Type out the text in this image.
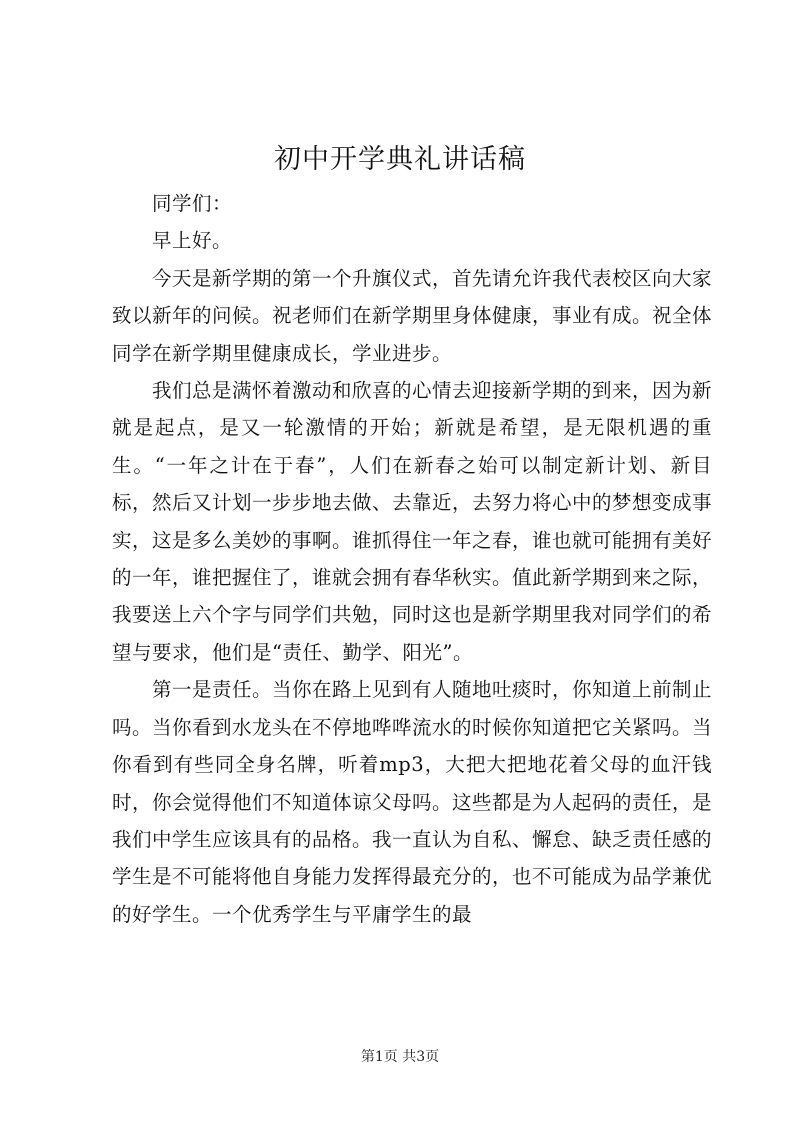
初中开学典礼讲话稿

同学们：

早上好。

今天是新学期的第一个升旗仪式，首先请允许我代表校区向大家致以新年的问候。祝老师们在新学期里身体健康，事业有成。祝全体同学在新学期里健康成长，学业进步。

我们总是满怀着激动和欣喜的心情去迎接新学期的到来，因为新就是起点，是又一轮激情的开始；新就是希望，是无限机遇的重生。“一年之计在于春”，人们在新春之始可以制定新计划、新目标，然后又计划一步步地去做、去靠近，去努力将心中的梦想变成事实，这是多么美妙的事啊。谁抓得住一年之春，谁也就可能拥有美好的一年，谁把握住了，谁就会拥有春华秋实。值此新学期到来之际，我要送上六个字与同学们共勉，同时这也是新学期里我对同学们的希望与要求，他们是“责任、勤学、阳光”。

第一是责任。当你在路上见到有人随地吐痰时，你知道上前制止吗。当你看到水龙头在不停地哗哗流水的时候你知道把它关紧吗。当你看到有些同全身名牌，听着mp3，大把大把地花着父母的血汗钱时，你会觉得他们不知道体谅父母吗。这些都是为人起码的责任，是我们中学生应该具有的品格。我一直认为自私、懈怠、缺乏责任感的学生是不可能将他自身能力发挥得最充分的，也不可能成为品学兼优的好学生。一个优秀学生与平庸学生的最

第1页 共3页
